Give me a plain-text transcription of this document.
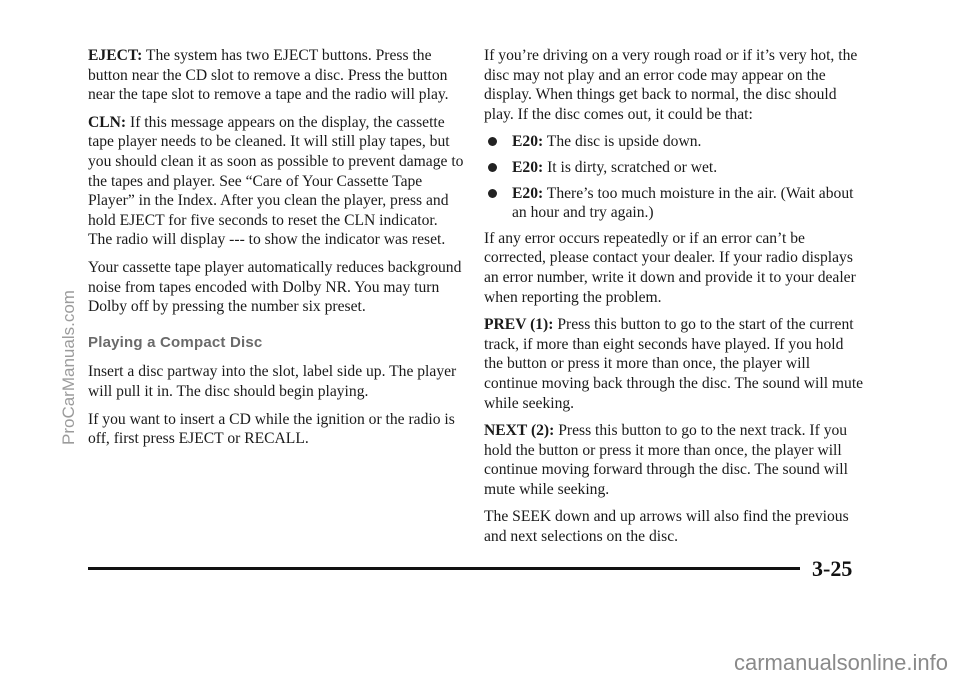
EJECT: The system has two EJECT buttons. Press the button near the CD slot to remove a disc. Press the button near the tape slot to remove a tape and the radio will play.

CLN: If this message appears on the display, the cassette tape player needs to be cleaned. It will still play tapes, but you should clean it as soon as possible to prevent damage to the tapes and player. See “Care of Your Cassette Tape Player” in the Index. After you clean the player, press and hold EJECT for five seconds to reset the CLN indicator. The radio will display --- to show the indicator was reset.

Your cassette tape player automatically reduces background noise from tapes encoded with Dolby NR. You may turn Dolby off by pressing the number six preset.

Playing a Compact Disc

Insert a disc partway into the slot, label side up. The player will pull it in. The disc should begin playing.

If you want to insert a CD while the ignition or the radio is off, first press EJECT or RECALL.

If you’re driving on a very rough road or if it’s very hot, the disc may not play and an error code may appear on the display. When things get back to normal, the disc should play. If the disc comes out, it could be that:

E20: The disc is upside down.
E20: It is dirty, scratched or wet.
E20: There’s too much moisture in the air. (Wait about an hour and try again.)

If any error occurs repeatedly or if an error can’t be corrected, please contact your dealer. If your radio displays an error number, write it down and provide it to your dealer when reporting the problem.

PREV (1): Press this button to go to the start of the current track, if more than eight seconds have played. If you hold the button or press it more than once, the player will continue moving back through the disc. The sound will mute while seeking.

NEXT (2): Press this button to go to the next track. If you hold the button or press it more than once, the player will continue moving forward through the disc. The sound will mute while seeking.

The SEEK down and up arrows will also find the previous and next selections on the disc.

3-25
ProCarManuals.com
carmanualsonline.info
